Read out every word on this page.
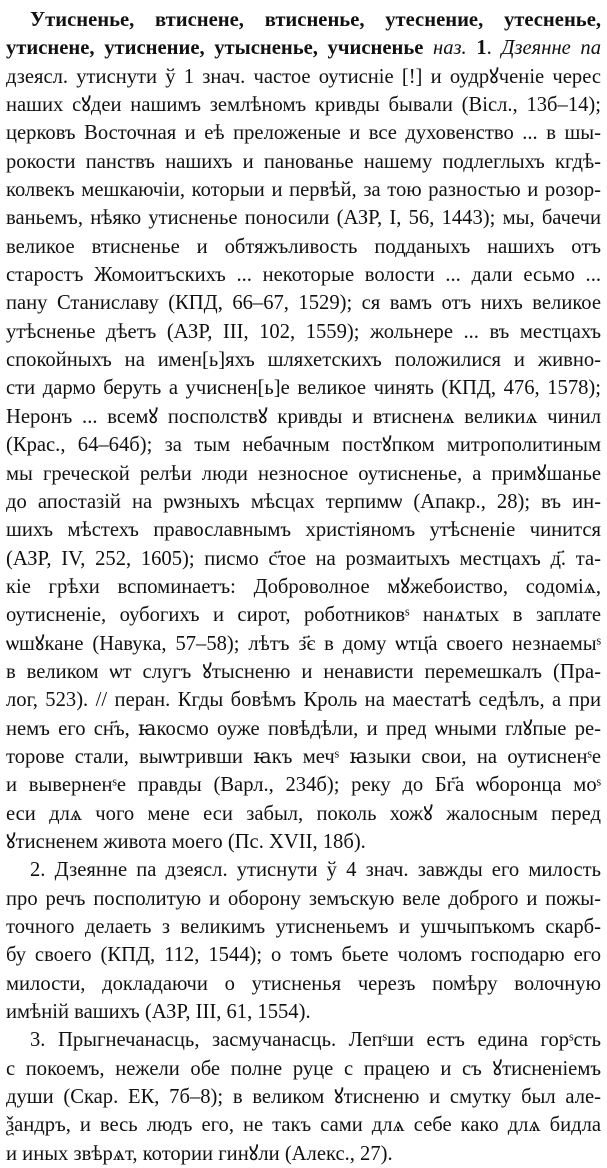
Утисненье, втиснене, втисненье, утеснение, утесненье,
утиснене, утиснение, утысненье, учисненье наз. 1. Дзеянне па
дзеясл. утиснути ў 1 знач. частое оутисніе [!] и оудрꙋченіе черес
наших сꙋдеи нашимъ землѣномъ кривды бывали (Вісл., 13б–14);
церковъ Восточная и еѣ преложеные и все духовенство ... в шы-
рокости панствъ нашихъ и панованье нашему подлеглыхъ кгдѣ-
колвекъ мешкаючіи, которыи и первѣй, за тою разностью и розор-
ваньемъ, нѣяко утисненье поносили (АЗР, I, 56, 1443); мы, бачечи
великое втисненье и обтяжъливость подданыхъ нашихъ отъ
старостъ Жомоитъскихъ ... некоторые волости ... дали есьмо ...
пану Станиславу (КПД, 66–67, 1529); ся вамъ отъ нихъ великое
утѣсненье дѣетъ (АЗР, III, 102, 1559); жольнере ... въ местцахъ
спокойныхъ на имен[ь]яхъ шляхетскихъ положилися и живно-
сти дармо беруть а учиснен[ь]е великое чинять (КПД, 476, 1578);
Неронъ ... всемꙋ посполствꙋ кривды и втисненѧ великиѧ чинил
(Крас., 64–64б); за тым небачным постꙋпком митрополитиным
мы греческой релѣи люди незносное оутисненье, а примꙋшанье
до апостазій на рѡзныхъ мѣсцах терпимѡ (Апакр., 28); въ ин-
шихъ мѣстехъ православнымъ христіяномъ утѣсненіе чинится
(АЗР, IV, 252, 1605); писмо с҃тое на розмаитыхъ местцахъ д҃. та-
кіе грѣхи вспоминаетъ: Доброволное мꙋжебоиство, содоміѧ,
оутисненіе, оубогихъ и сирот, роботниковˢ нанѧтых в заплате
ѡшꙋкане (Навука, 57–58); лѣтъ з҃є в дому ѡтц҃а своего незнаемыˢ
в великом ѡт слугъ ꙋтысненю и ненависти перемешкалъ (Пра-
лог, 523). // перан. Кгды бовѣмъ Кроль на маестатѣ седѣлъ, а при
немъ его сн҃ъ, ꙗкосмо оуже повѣдѣли, и пред ѡными глꙋпые ре-
торове стали, выѡтривши ꙗкъ мечˢ ꙗзыки свои, на оутисненˢе
и выверненˢе правды (Варл., 234б); реку до Бг҃а ѡборонца моˢ
еси длѧ чого мене еси забыл, поколь хожꙋ жалосным перед
ꙋтисненем живота моего (Пс. XVII, 18б).
2. Дзеянне па дзеясл. утиснути ў 4 знач. завжды его милость
про речъ посполитую и оборону земъскую веле доброго и пожы-
точного делаеть з великимъ утисненьемъ и ушчыпъкомъ скарб-
бу своего (КПД, 112, 1544); о томъ бьете чоломъ господарю его
милости, докладаючи о утисненья черезъ помѣру волочную
имѣній вашихъ (АЗР, III, 61, 1554).
3. Прыгнечанасць, засмучанасць. Лепˢши естъ едина горˢсть
с покоемъ, нежели обе полне руце с працею и съ ꙋтисненіемъ
души (Скар. ЕК, 7б–8); в великом ꙋтисненю и смутку был але-
ѯандръ, и весь людъ его, не такъ сами длѧ себе како длѧ бидла
и иных звѣрѧт, котории гинꙋли (Алекс., 27).
